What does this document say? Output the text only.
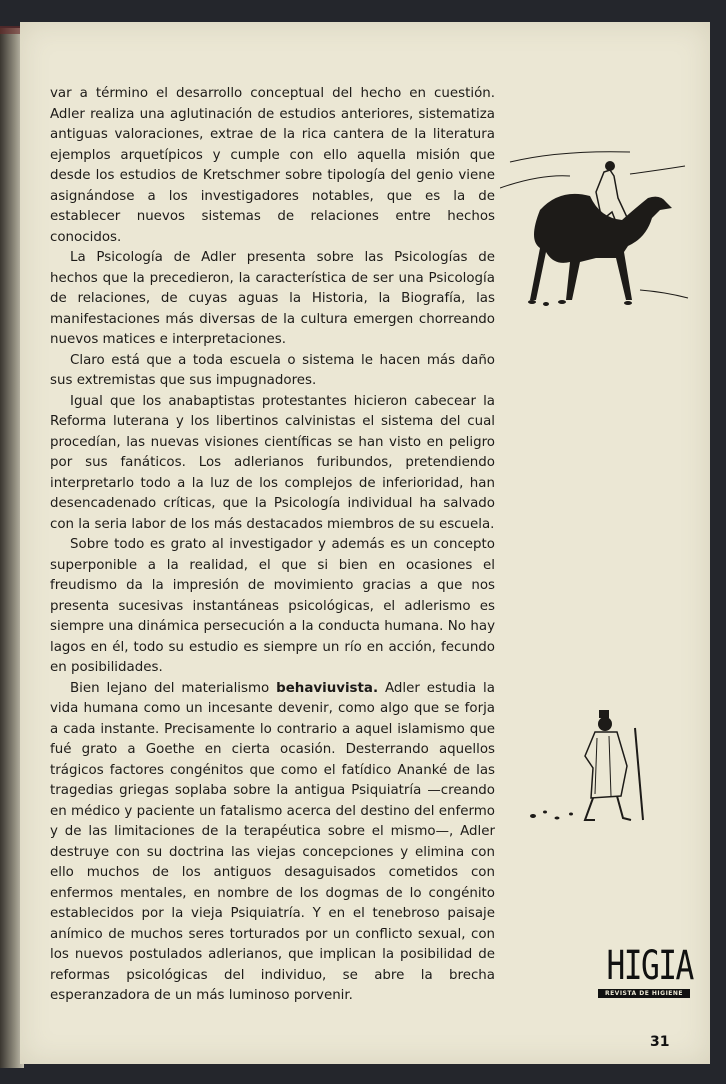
var a término el desarrollo conceptual del hecho en cuestión. Adler realiza una aglutinación de estudios anteriores, sistematiza antiguas valoraciones, extrae de la rica cantera de la literatura ejemplos arquetípicos y cumple con ello aquella misión que desde los estudios de Kretschmer sobre tipología del genio viene asignándose a los investigadores notables, que es la de establecer nuevos sistemas de relaciones entre hechos conocidos.

La Psicología de Adler presenta sobre las Psicologías de hechos que la precedieron, la característica de ser una Psicología de relaciones, de cuyas aguas la Historia, la Biografía, las manifestaciones más diversas de la cultura emergen chorreando nuevos matices e interpretaciones.

Claro está que a toda escuela o sistema le hacen más daño sus extremistas que sus impugnadores.

Igual que los anabaptistas protestantes hicieron cabecear la Reforma luterana y los libertinos calvinistas el sistema del cual procedían, las nuevas visiones científicas se han visto en peligro por sus fanáticos. Los adlerianos furibundos, pretendiendo interpretarlo todo a la luz de los complejos de inferioridad, han desencadenado críticas, que la Psicología individual ha salvado con la seria labor de los más destacados miembros de su escuela.

Sobre todo es grato al investigador y además es un concepto superponible a la realidad, el que si bien en ocasiones el freudismo da la impresión de movimiento gracias a que nos presenta sucesivas instantáneas psicológicas, el adlerismo es siempre una dinámica persecución a la conducta humana. No hay lagos en él, todo su estudio es siempre un río en acción, fecundo en posibilidades.

Bien lejano del materialismo behaviuvista. Adler estudia la vida humana como un incesante devenir, como algo que se forja a cada instante. Precisamente lo contrario a aquel islamismo que fué grato a Goethe en cierta ocasión. Desterrando aquellos trágicos factores congénitos que como el fatídico Ananké de las tragedias griegas soplaba sobre la antigua Psiquiatría —creando en médico y paciente un fatalismo acerca del destino del enfermo y de las limitaciones de la terapéutica sobre el mismo—, Adler destruye con su doctrina las viejas concepciones y elimina con ello muchos de los antiguos desaguisados cometidos con enfermos mentales, en nombre de los dogmas de lo congénito establecidos por la vieja Psiquiatría. Y en el tenebroso paisaje anímico de muchos seres torturados por un conflicto sexual, con los nuevos postulados adlerianos, que implican la posibilidad de reformas psicológicas del individuo, se abre la brecha esperanzadora de un más luminoso porvenir.

HIGIA
REVISTA DE HIGIENE
31
